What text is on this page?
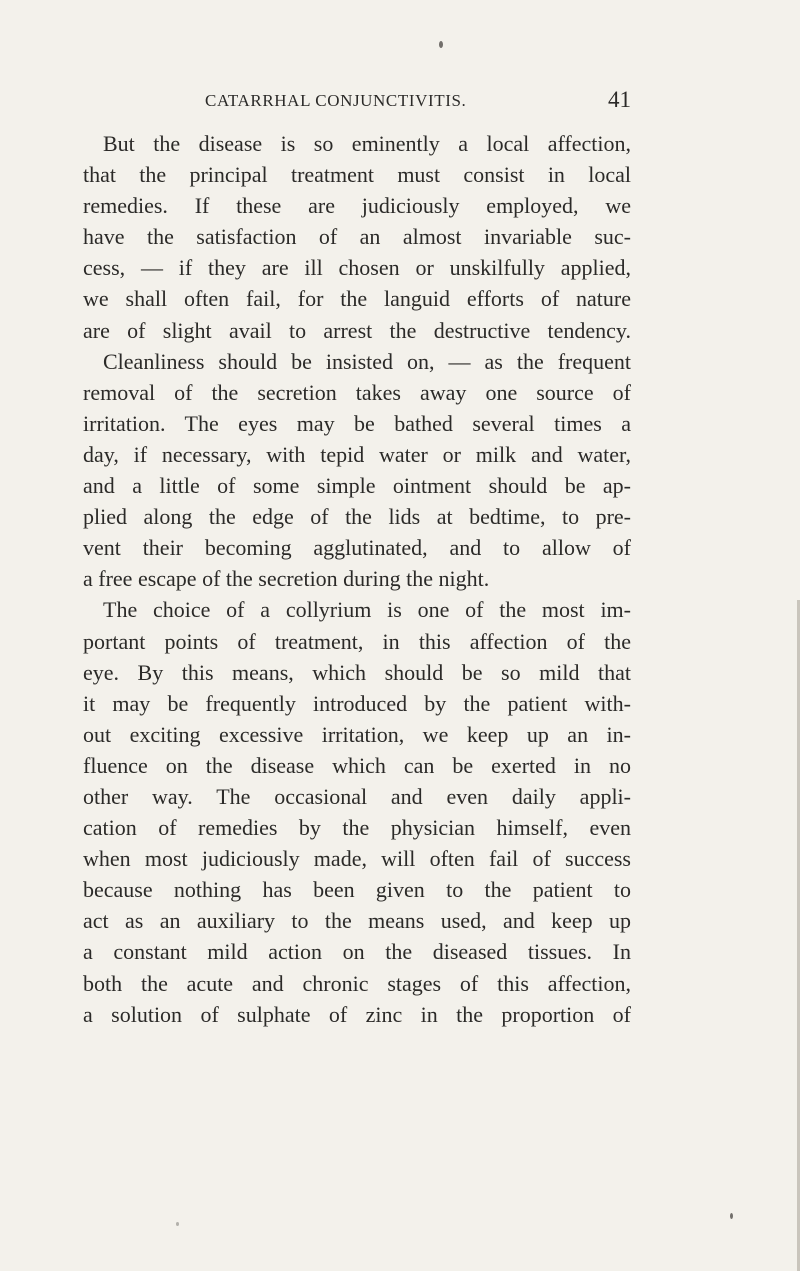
CATARRHAL CONJUNCTIVITIS.	41
But the disease is so eminently a local affection,
that the principal treatment must consist in local
remedies. If these are judiciously employed, we
have the satisfaction of an almost invariable suc-
cess, — if they are ill chosen or unskilfully applied,
we shall often fail, for the languid efforts of nature
are of slight avail to arrest the destructive tendency.
Cleanliness should be insisted on, — as the frequent
removal of the secretion takes away one source of
irritation. The eyes may be bathed several times a
day, if necessary, with tepid water or milk and water,
and a little of some simple ointment should be ap-
plied along the edge of the lids at bedtime, to pre-
vent their becoming agglutinated, and to allow of
a free escape of the secretion during the night.
The choice of a collyrium is one of the most im-
portant points of treatment, in this affection of the
eye. By this means, which should be so mild that
it may be frequently introduced by the patient with-
out exciting excessive irritation, we keep up an in-
fluence on the disease which can be exerted in no
other way. The occasional and even daily appli-
cation of remedies by the physician himself, even
when most judiciously made, will often fail of success
because nothing has been given to the patient to
act as an auxiliary to the means used, and keep up
a constant mild action on the diseased tissues. In
both the acute and chronic stages of this affection,
a solution of sulphate of zinc in the proportion of
